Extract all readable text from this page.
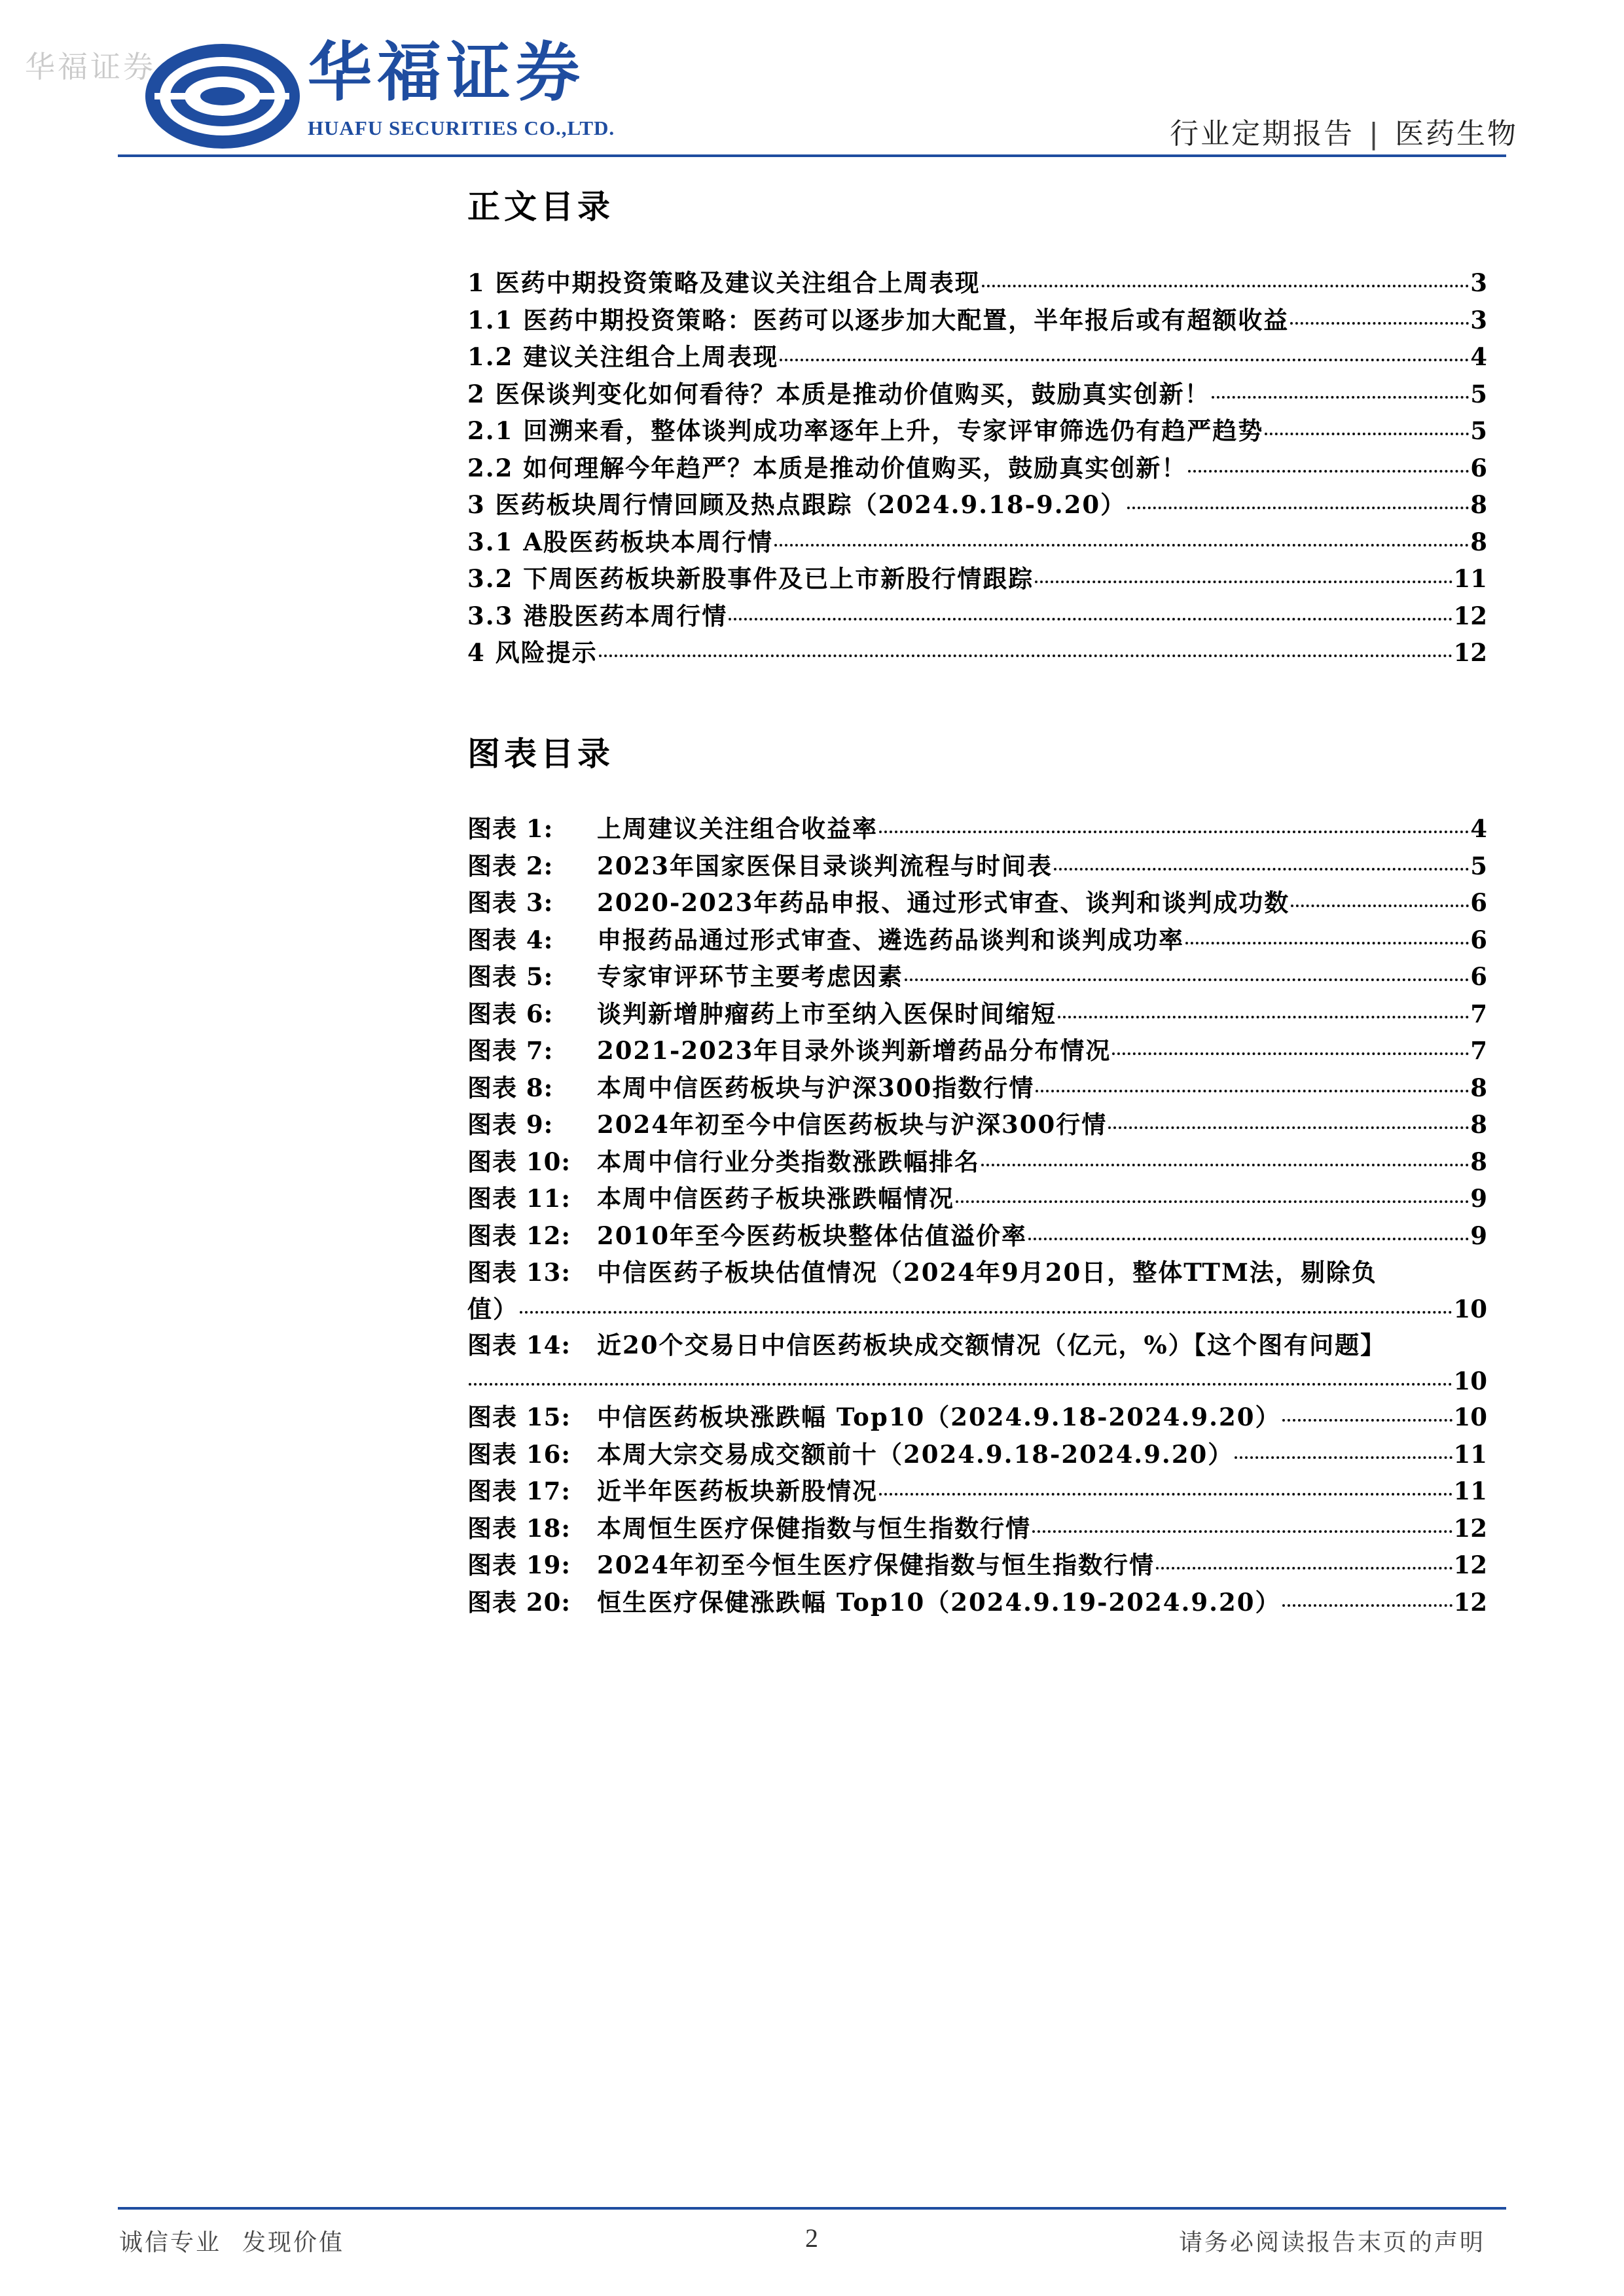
华福证券 华福证券
HUAFU SECURITIES CO.,LTD.	行业定期报告 | 医药生物
正文目录
1 医药中期投资策略及建议关注组合上周表现	3
1.1 医药中期投资策略：医药可以逐步加大配置，半年报后或有超额收益	3
1.2 建议关注组合上周表现	4
2 医保谈判变化如何看待？本质是推动价值购买，鼓励真实创新！	5
2.1 回溯来看，整体谈判成功率逐年上升，专家评审筛选仍有趋严趋势	5
2.2 如何理解今年趋严？本质是推动价值购买，鼓励真实创新！	6
3 医药板块周行情回顾及热点跟踪（2024.9.18-9.20）	8
3.1 A股医药板块本周行情	8
3.2 下周医药板块新股事件及已上市新股行情跟踪	11
3.3 港股医药本周行情	12
4 风险提示	12
图表目录
图表 1:	上周建议关注组合收益率	4
图表 2:	2023年国家医保目录谈判流程与时间表	5
图表 3:	2020-2023年药品申报、通过形式审查、谈判和谈判成功数	6
图表 4:	申报药品通过形式审查、遴选药品谈判和谈判成功率	6
图表 5:	专家审评环节主要考虑因素	6
图表 6:	谈判新增肿瘤药上市至纳入医保时间缩短	7
图表 7:	2021-2023年目录外谈判新增药品分布情况	7
图表 8:	本周中信医药板块与沪深300指数行情	8
图表 9:	2024年初至今中信医药板块与沪深300行情	8
图表 10:	本周中信行业分类指数涨跌幅排名	8
图表 11:	本周中信医药子板块涨跌幅情况	9
图表 12:	2010年至今医药板块整体估值溢价率	9
图表 13:	中信医药子板块估值情况（2024年9月20日，整体TTM法，剔除负
值）	10
图表 14:	近20个交易日中信医药板块成交额情况（亿元，%）【这个图有问题】
10
图表 15:	中信医药板块涨跌幅 Top10（2024.9.18-2024.9.20）	10
图表 16:	本周大宗交易成交额前十（2024.9.18-2024.9.20）	11
图表 17:	近半年医药板块新股情况	11
图表 18:	本周恒生医疗保健指数与恒生指数行情	12
图表 19:	2024年初至今恒生医疗保健指数与恒生指数行情	12
图表 20:	恒生医疗保健涨跌幅 Top10（2024.9.19-2024.9.20）	12
诚信专业 发现价值	2	请务必阅读报告末页的声明
